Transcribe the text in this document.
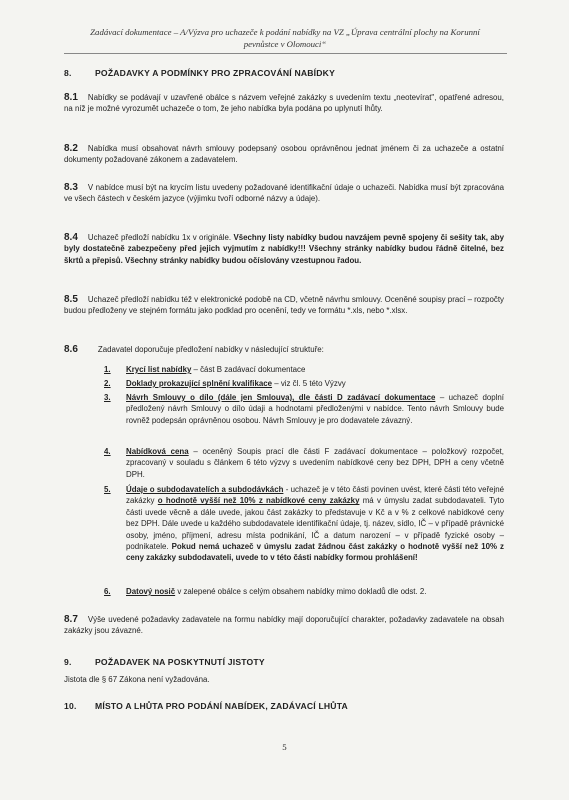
Zadávací dokumentace – A/Výzva pro uchazeče k podání nabídky na VZ „Úprava centrální plochy na Korunní
pevnůstce v Olomouci“
8.	POŽADAVKY A PODMÍNKY PRO ZPRACOVÁNÍ NABÍDKY

8.1 Nabídky se podávají v uzavřené obálce s názvem veřejné zakázky s uvedením textu „neotevírat", opatřené adresou, na níž je možné vyrozumět uchazeče o tom, že jeho nabídka byla podána po uplynutí lhůty.

8.2 Nabídka musí obsahovat návrh smlouvy podepsaný osobou oprávněnou jednat jménem či za uchazeče a ostatní dokumenty požadované zákonem a zadavatelem.

8.3 V nabídce musí být na krycím listu uvedeny požadované identifikační údaje o uchazeči. Nabídka musí být zpracována ve všech částech v českém jazyce (výjimku tvoří odborné názvy a údaje).

8.4 Uchazeč předloží nabídku 1x v originále. Všechny listy nabídky budou navzájem pevně spojeny či sešity tak, aby byly dostatečně zabezpečeny před jejich vyjmutím z nabídky!!! Všechny stránky nabídky budou řádně čitelné, bez škrtů a přepisů. Všechny stránky nabídky budou očíslovány vzestupnou řadou.

8.5 Uchazeč předloží nabídku též v elektronické podobě na CD, včetně návrhu smlouvy. Oceněné soupisy prací – rozpočty budou předloženy ve stejném formátu jako podklad pro ocenění, tedy ve formátu *.xls, nebo *.xlsx.

8.6	Zadavatel doporučuje předložení nabídky v následující struktuře:

1. Krycí list nabídky – část B zadávací dokumentace

2. Doklady prokazující splnění kvalifikace – viz čl. 5 této Výzvy

3. Návrh Smlouvy o dílo (dále jen Smlouva), dle části D zadávací dokumentace – uchazeč doplní předložený návrh Smlouvy o dílo údaji a hodnotami předloženými v nabídce. Tento návrh Smlouvy bude rovněž podepsán oprávněnou osobou. Návrh Smlouvy je pro dodavatele závazný.

4. Nabídková cena – oceněný Soupis prací dle části F zadávací dokumentace – položkový rozpočet, zpracovaný v souladu s článkem 6 této výzvy s uvedením nabídkové ceny bez DPH, DPH a ceny včetně DPH.

5. Údaje o subdodavatelích a subdodávkách - uchazeč je v této části povinen uvést, které části této veřejné zakázky o hodnotě vyšší než 10% z nabídkové ceny zakázky má v úmyslu zadat subdodavateli. Tyto části uvede věcně a dále uvede, jakou část zakázky to představuje v Kč a v % z celkové nabídkové ceny bez DPH. Dále uvede u každého subdodavatele identifikační údaje, tj. název, sídlo, IČ – v případě právnické osoby, jméno, příjmení, adresu místa podnikání, IČ a datum narození – v případě fyzické osoby – podnikatele. Pokud nemá uchazeč v úmyslu zadat žádnou část zakázky o hodnotě vyšší než 10% z ceny zakázky subdodavateli, uvede to v této části nabídky formou prohlášení!

6. Datový nosič v zalepené obálce s celým obsahem nabídky mimo dokladů dle odst. 2.

8.7 Výše uvedené požadavky zadavatele na formu nabídky mají doporučující charakter, požadavky zadavatele na obsah zakázky jsou závazné.

9.	POŽADAVEK NA POSKYTNUTÍ JISTOTY

Jistota dle § 67 Zákona není vyžadována.

10. MÍSTO A LHŮTA PRO PODÁNÍ NABÍDEK, ZADÁVACÍ LHŮTA
5
